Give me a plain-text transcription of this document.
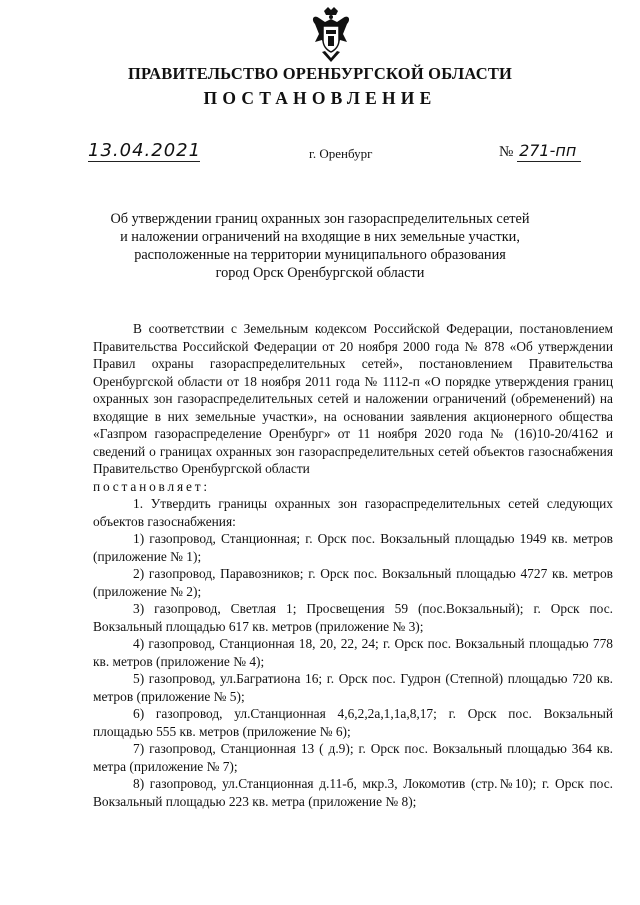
ПРАВИТЕЛЬСТВО ОРЕНБУРГСКОЙ ОБЛАСТИ
ПОСТАНОВЛЕНИЕ
13.04.2021	г. Оренбург	№ 271-пп
Об утверждении границ охранных зон газораспределительных сетей
и наложении ограничений на входящие в них земельные участки,
расположенные на территории муниципального образования
город Орск Оренбургской области

В соответствии с Земельным кодексом Российской Федерации, постановлением Правительства Российской Федерации от 20 ноября 2000 года № 878 «Об утверждении Правил охраны газораспределительных сетей», постановлением Правительства Оренбургской области от 18 ноября 2011 года № 1112-п «О порядке утверждения границ охранных зон газораспределительных сетей и наложении ограничений (обременений) на входящие в них земельные участки», на основании заявления акционерного общества «Газпром газораспределение Оренбург» от 11 ноября 2020 года № (16)10-20/4162 и сведений о границах охранных зон газораспределительных сетей объектов газоснабжения Правительство Оренбургской области

постановляет:

1. Утвердить границы охранных зон газораспределительных сетей следующих объектов газоснабжения:

1) газопровод, Станционная; г. Орск пос. Вокзальный площадью 1949 кв. метров (приложение № 1);

2) газопровод, Паравозников; г. Орск пос. Вокзальный площадью 4727 кв. метров (приложение № 2);

3) газопровод, Светлая 1; Просвещения 59 (пос.Вокзальный); г. Орск пос. Вокзальный площадью 617 кв. метров (приложение № 3);

4) газопровод, Станционная 18, 20, 22, 24; г. Орск пос. Вокзальный площадью 778 кв. метров (приложение № 4);

5) газопровод, ул.Багратиона 16; г. Орск пос. Гудрон (Степной) площадью 720 кв. метров (приложение № 5);

6) газопровод, ул.Станционная 4,6,2,2а,1,1а,8,17; г. Орск пос. Вокзальный площадью 555 кв. метров (приложение № 6);

7) газопровод, Станционная 13 ( д.9); г. Орск пос. Вокзальный площадью 364 кв. метра (приложение № 7);

8) газопровод, ул.Станционная д.11-б, мкр.3, Локомотив (стр.№10); г. Орск пос. Вокзальный площадью 223 кв. метра (приложение № 8);
